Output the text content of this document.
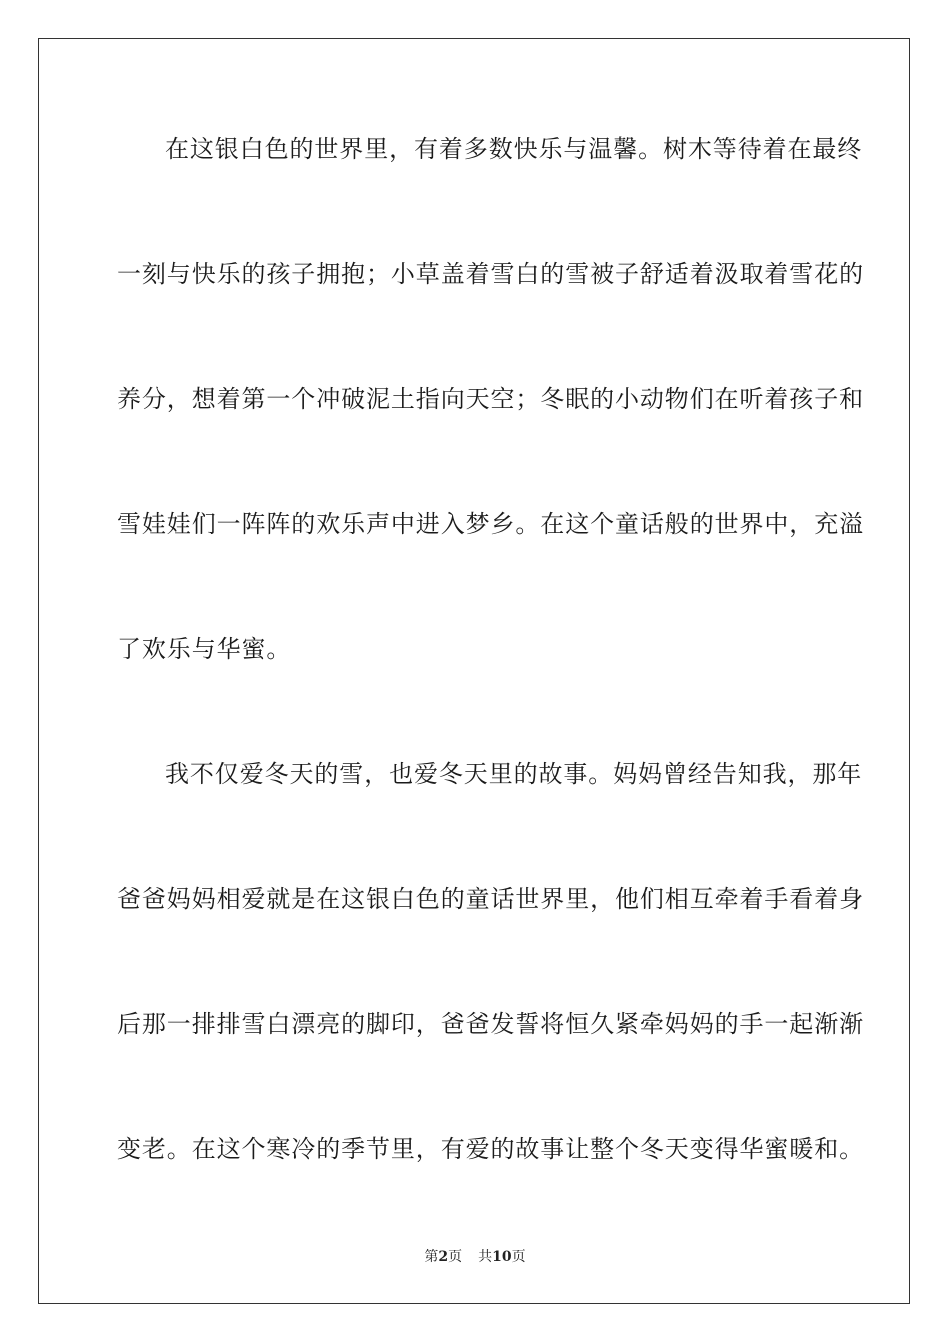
在这银白色的世界里，有着多数快乐与温馨。树木等待着在最终
一刻与快乐的孩子拥抱；小草盖着雪白的雪被子舒适着汲取着雪花的
养分，想着第一个冲破泥土指向天空；冬眠的小动物们在听着孩子和
雪娃娃们一阵阵的欢乐声中进入梦乡。在这个童话般的世界中，充溢
了欢乐与华蜜。
我不仅爱冬天的雪，也爱冬天里的故事。妈妈曾经告知我，那年
爸爸妈妈相爱就是在这银白色的童话世界里，他们相互牵着手看着身
后那一排排雪白漂亮的脚印，爸爸发誓将恒久紧牵妈妈的手一起渐渐
变老。在这个寒冷的季节里，有爱的故事让整个冬天变得华蜜暖和。
第2页 共10页
